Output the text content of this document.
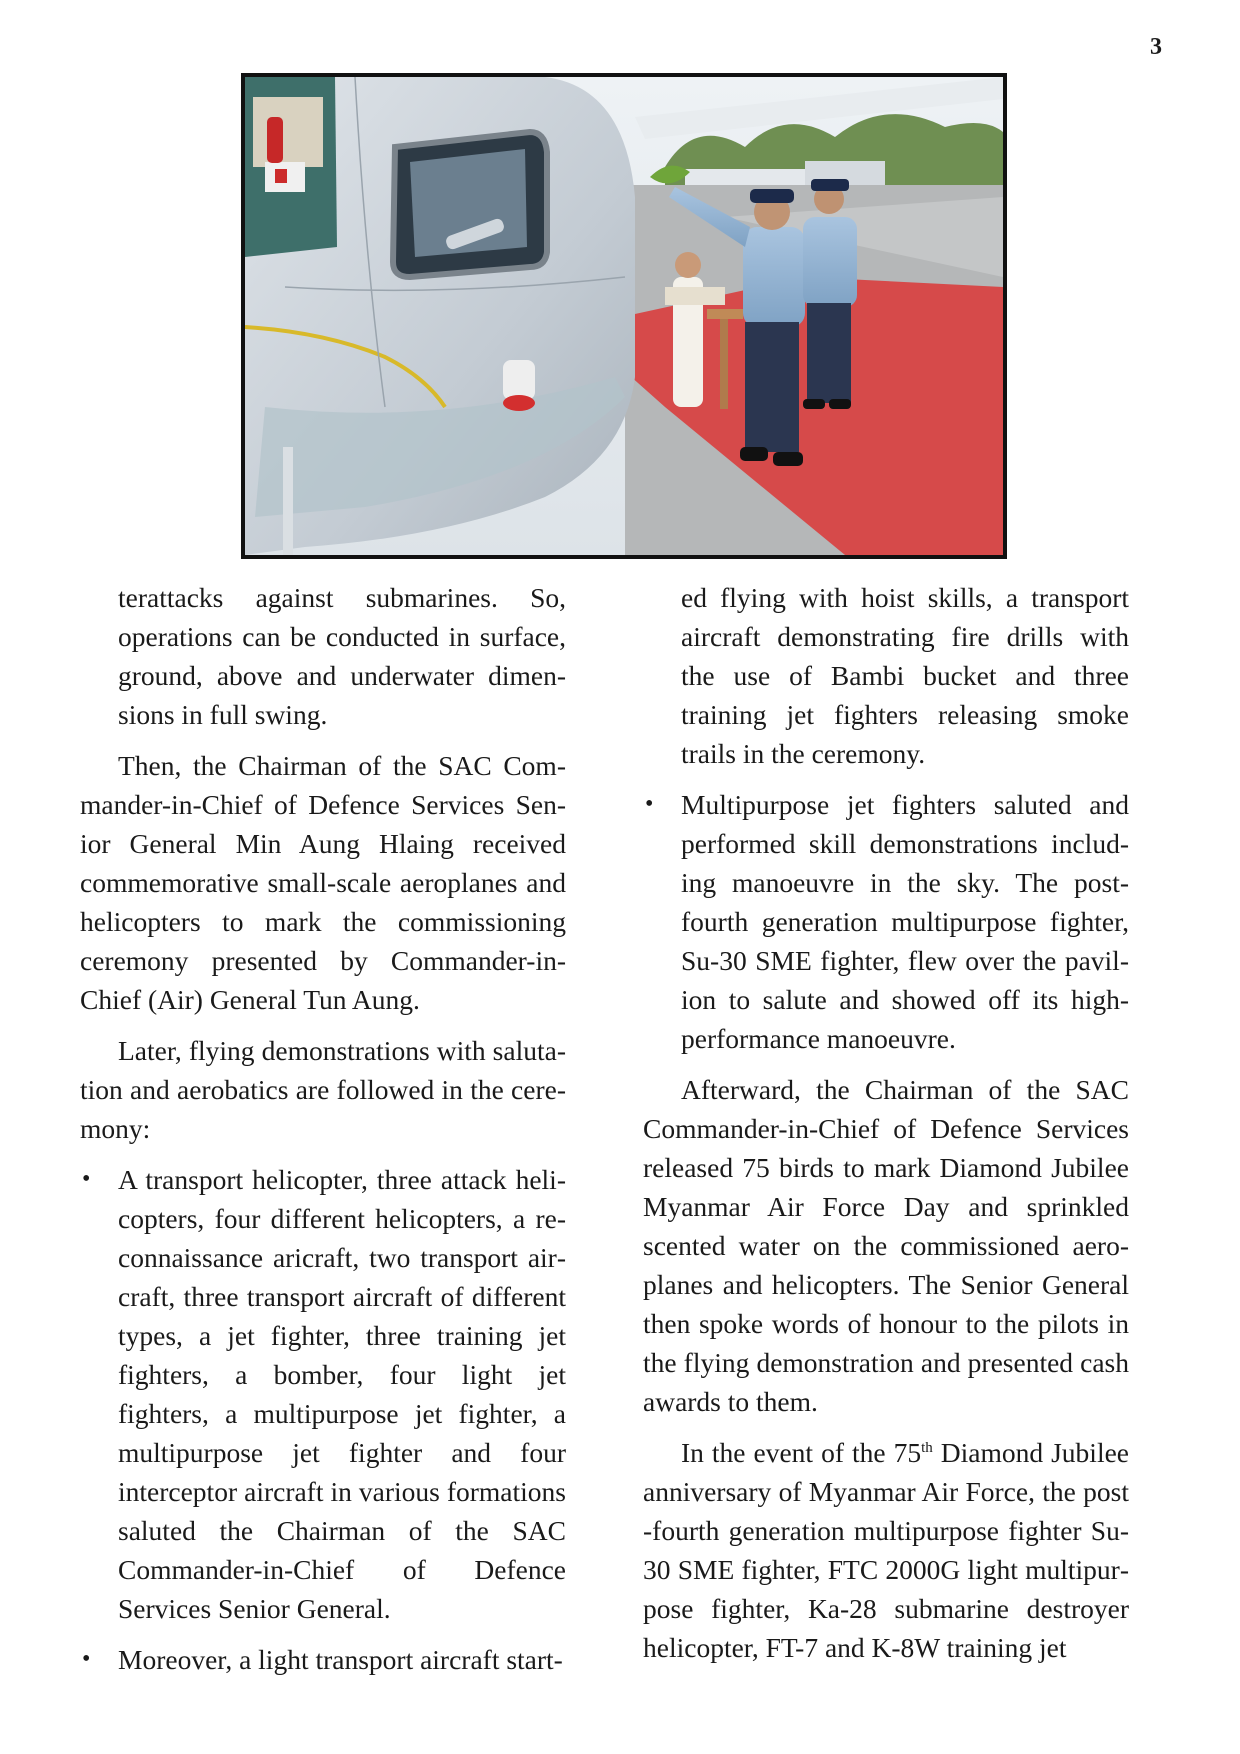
3

terattacks against submarines. So, operations can be conducted in surface, ground, above and underwater dimensions in full swing.

Then, the Chairman of the SAC Commander-in-Chief of Defence Services Senior General Min Aung Hlaing received commemorative small-scale aeroplanes and helicopters to mark the commissioning ceremony presented by Commander-in-Chief (Air) General Tun Aung.

Later, flying demonstrations with salutation and aerobatics are followed in the ceremony:

• A transport helicopter, three attack helicopters, four different helicopters, a reconnaissance aricraft, two transport aircraft, three transport aircraft of different types, a jet fighter, three training jet fighters, a bomber, four light jet fighters, a multipurpose jet fighter, a multipurpose jet fighter and four interceptor aircraft in various formations saluted the Chairman of the SAC Commander-in-Chief of Defence Services Senior General.
• Moreover, a light transport aircraft start-
ed flying with hoist skills, a transport aircraft demonstrating fire drills with the use of Bambi bucket and three training jet fighters releasing smoke trails in the ceremony.
• Multipurpose jet fighters saluted and performed skill demonstrations including manoeuvre in the sky. The post-fourth generation multipurpose fighter, Su-30 SME fighter, flew over the pavilion to salute and showed off its high-performance manoeuvre.

Afterward, the Chairman of the SAC Commander-in-Chief of Defence Services released 75 birds to mark Diamond Jubilee Myanmar Air Force Day and sprinkled scented water on the commissioned aeroplanes and helicopters. The Senior General then spoke words of honour to the pilots in the flying demonstration and presented cash awards to them.

In the event of the 75th Diamond Jubilee anniversary of Myanmar Air Force, the post -fourth generation multipurpose fighter Su-30 SME fighter, FTC 2000G light multipurpose fighter, Ka-28 submarine destroyer helicopter, FT-7 and K-8W training jet
